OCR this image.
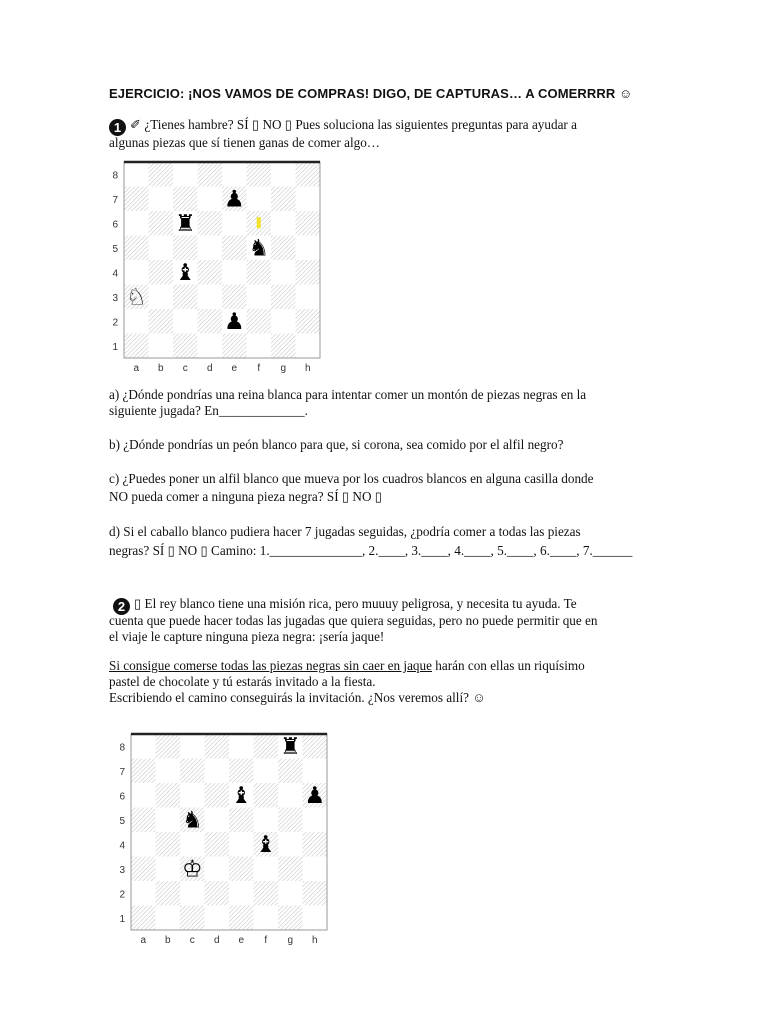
EJERCICIO: ¡NOS VAMOS DE COMPRAS! DIGO, DE CAPTURAS… A COMERRRR ☺
1 ✐ ¿Tienes hambre? SÍ ▯ NO ▯ Pues soluciona las siguientes preguntas para ayudar a
algunas piezas que sí tienen ganas de comer algo…
8
7
6
5
4
3
2
1
a b c d e f g h
♟
♜
♞
♝
♘
♟
a) ¿Dónde pondrías una reina blanca para intentar comer un montón de piezas negras en la
siguiente jugada? En_____________.
b) ¿Dónde pondrías un peón blanco para que, si corona, sea comido por el alfil negro?
c) ¿Puedes poner un alfil blanco que mueva por los cuadros blancos en alguna casilla donde
NO pueda comer a ninguna pieza negra? SÍ ▯ NO ▯
d) Si el caballo blanco pudiera hacer 7 jugadas seguidas, ¿podría comer a todas las piezas
negras? SÍ ▯ NO ▯ Camino: 1.______________, 2.____, 3.____, 4.____, 5.____, 6.____, 7.______
2 ▯ El rey blanco tiene una misión rica, pero muuuy peligrosa, y necesita tu ayuda. Te
cuenta que puede hacer todas las jugadas que quiera seguidas, pero no puede permitir que en
el viaje le capture ninguna pieza negra: ¡sería jaque!
Si consigue comerse todas las piezas negras sin caer en jaque harán con ellas un riquísimo
pastel de chocolate y tú estarás invitado a la fiesta.
Escribiendo el camino conseguirás la invitación. ¿Nos veremos allí? ☺
8
7
6
5
4
3
2
1
a b c d e f g h
♜
♝ ♟
♞
♝
♔
